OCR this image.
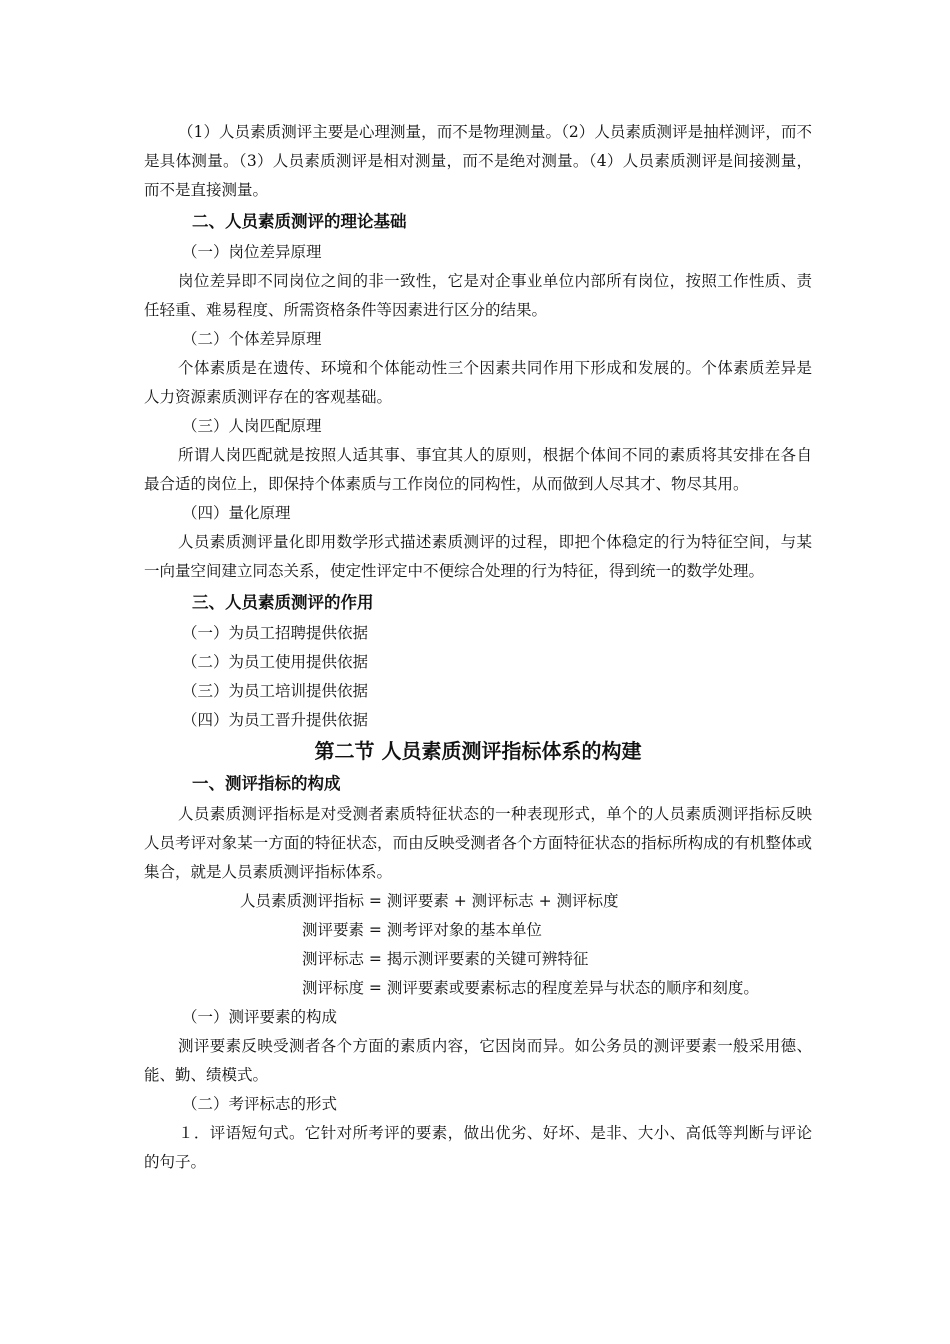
（1）人员素质测评主要是心理测量，而不是物理测量。（2）人员素质测评是抽样测评，而不是具体测量。（3）人员素质测评是相对测量，而不是绝对测量。（4）人员素质测评是间接测量，而不是直接测量。

二、人员素质测评的理论基础

（一）岗位差异原理

岗位差异即不同岗位之间的非一致性，它是对企事业单位内部所有岗位，按照工作性质、责任轻重、难易程度、所需资格条件等因素进行区分的结果。

（二）个体差异原理

个体素质是在遗传、环境和个体能动性三个因素共同作用下形成和发展的。个体素质差异是人力资源素质测评存在的客观基础。

（三）人岗匹配原理

所谓人岗匹配就是按照人适其事、事宜其人的原则，根据个体间不同的素质将其安排在各自最合适的岗位上，即保持个体素质与工作岗位的同构性，从而做到人尽其才、物尽其用。

（四）量化原理

人员素质测评量化即用数学形式描述素质测评的过程，即把个体稳定的行为特征空间，与某一向量空间建立同态关系，使定性评定中不便综合处理的行为特征，得到统一的数学处理。

三、人员素质测评的作用

（一）为员工招聘提供依据

（二）为员工使用提供依据

（三）为员工培训提供依据

（四）为员工晋升提供依据

第二节 人员素质测评指标体系的构建

一、测评指标的构成

人员素质测评指标是对受测者素质特征状态的一种表现形式，单个的人员素质测评指标反映人员考评对象某一方面的特征状态，而由反映受测者各个方面特征状态的指标所构成的有机整体或集合，就是人员素质测评指标体系。

人员素质测评指标 = 测评要素 + 测评标志 + 测评标度

测评要素 = 测考评对象的基本单位

测评标志 = 揭示测评要素的关键可辨特征

测评标度 = 测评要素或要素标志的程度差异与状态的顺序和刻度。

（一）测评要素的构成

测评要素反映受测者各个方面的素质内容，它因岗而异。如公务员的测评要素一般采用德、能、勤、绩模式。

（二）考评标志的形式

１．评语短句式。它针对所考评的要素，做出优劣、好坏、是非、大小、高低等判断与评论的句子。
